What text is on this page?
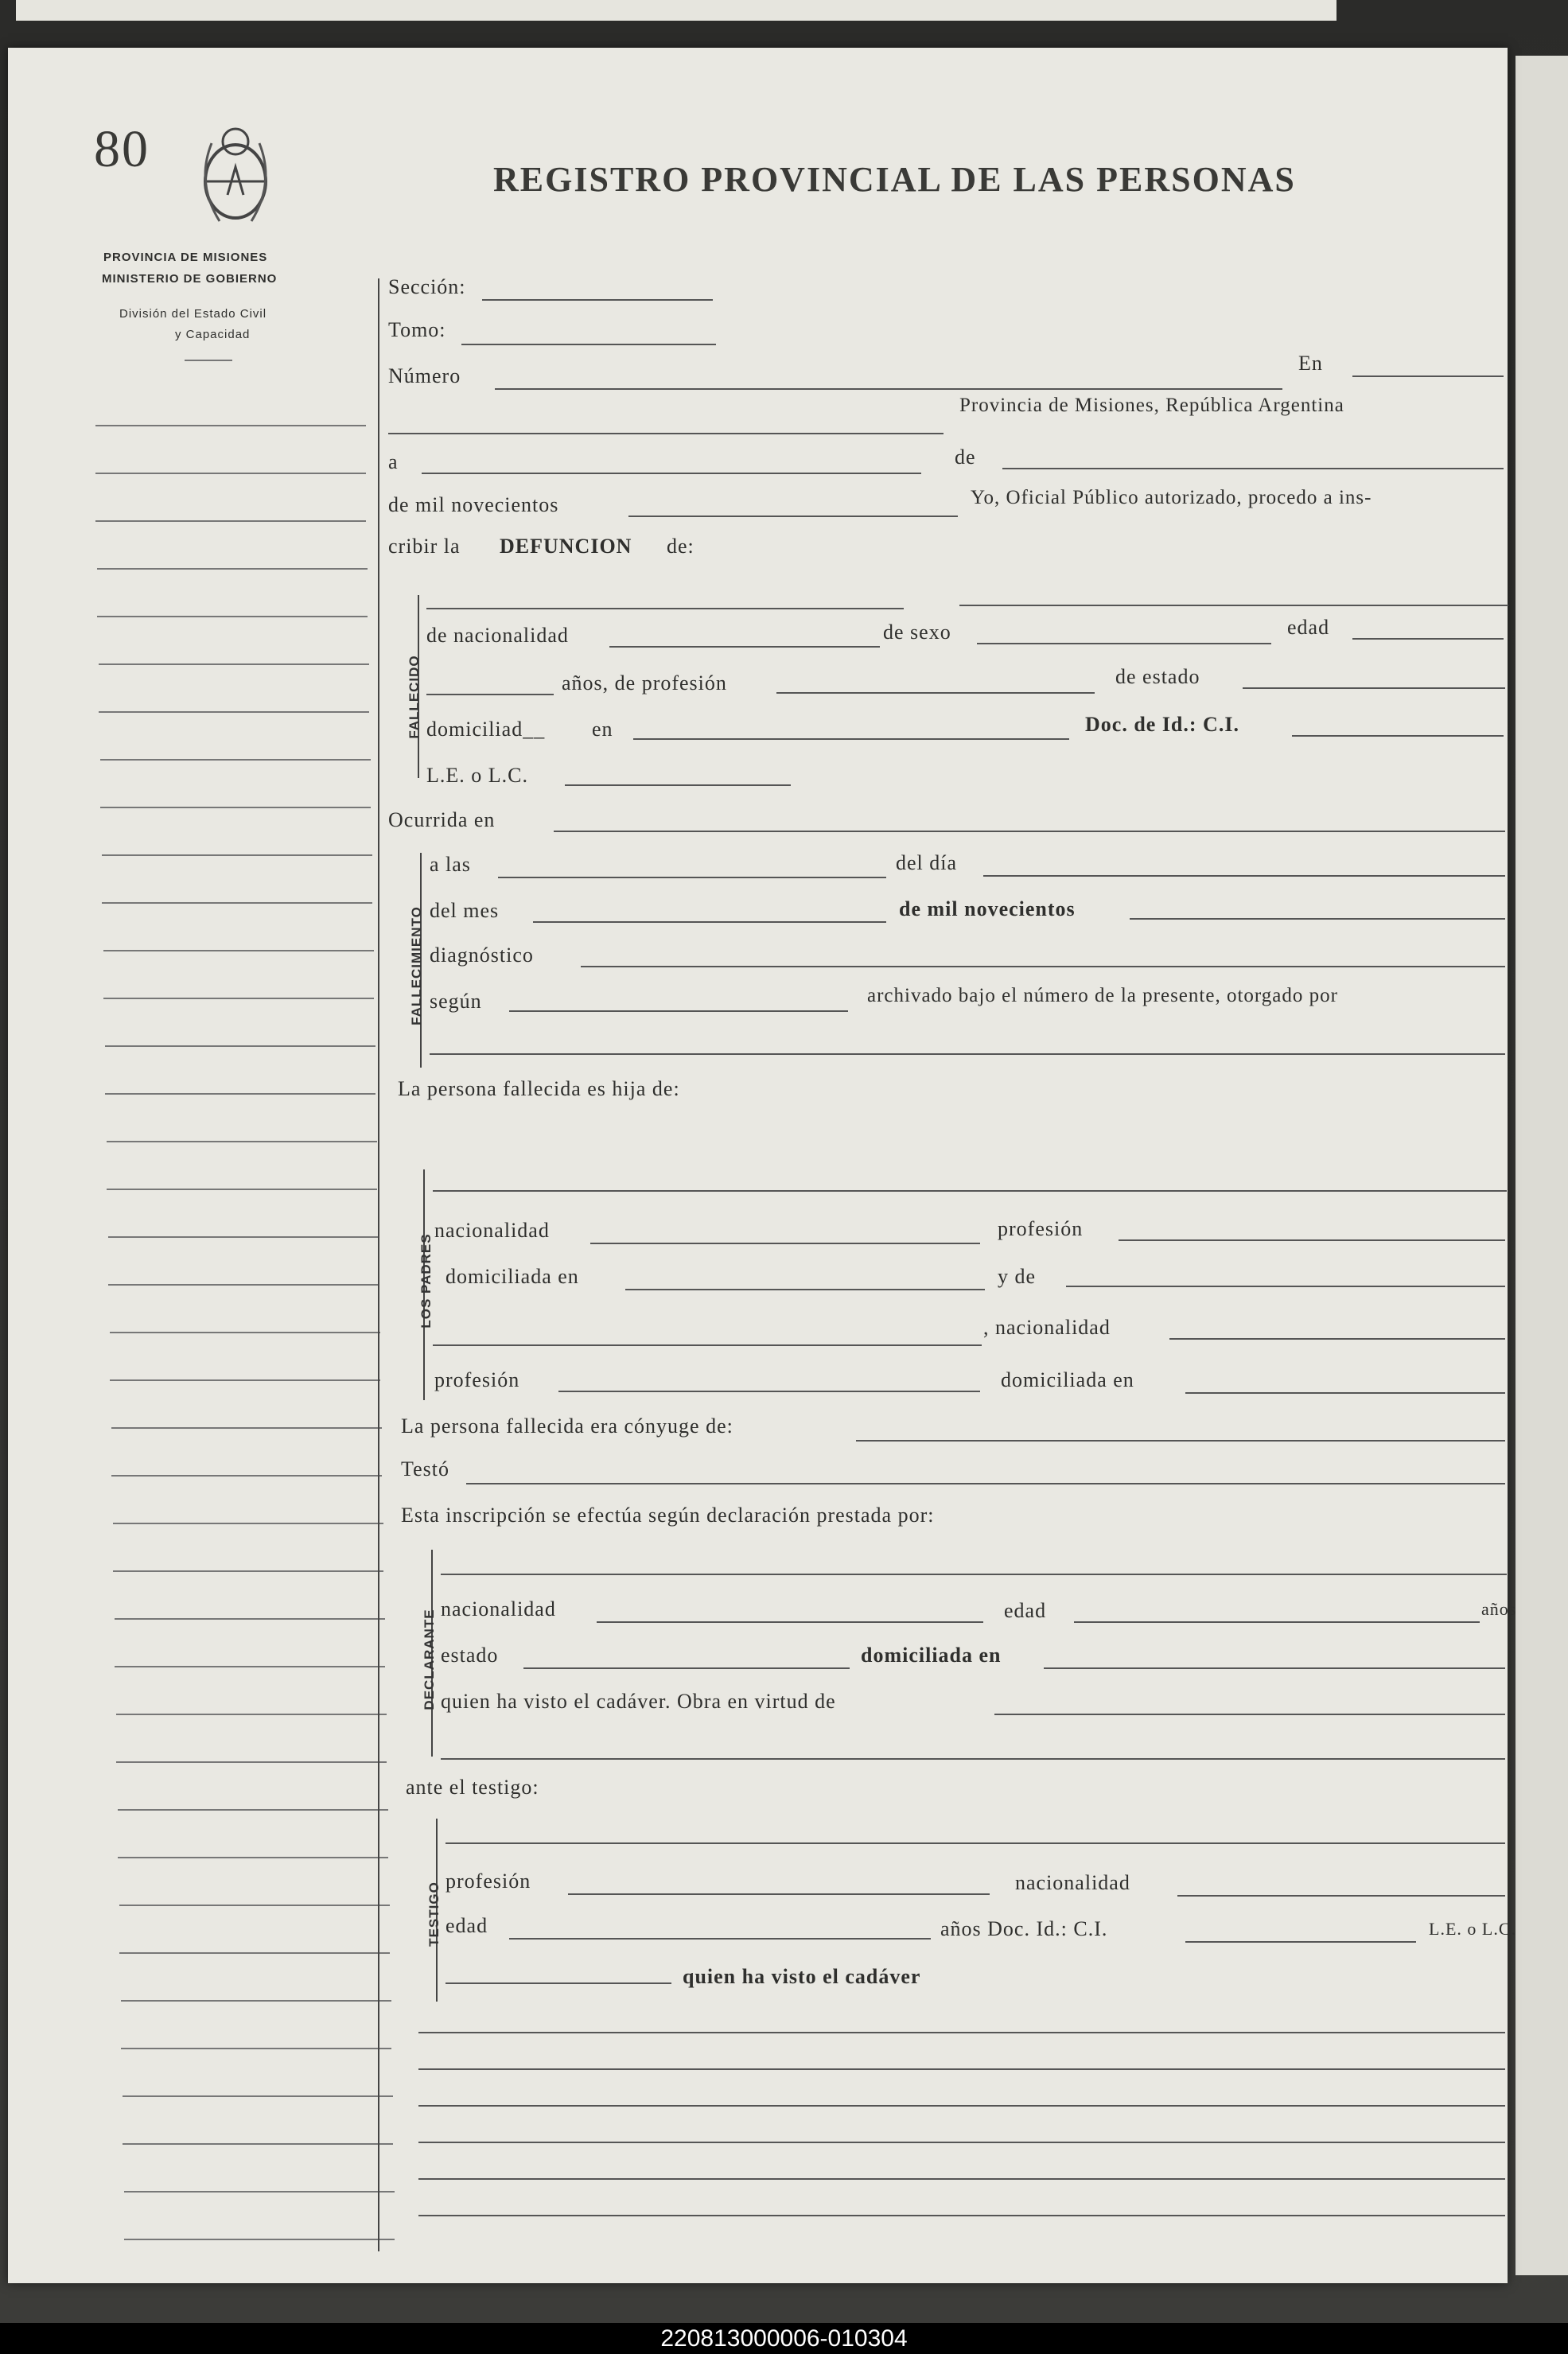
80
PROVINCIA DE MISIONES
MINISTERIO DE GOBIERNO
División del Estado Civil
y Capacidad
REGISTRO PROVINCIAL DE LAS PERSONAS
Sección:
Tomo:
Número
En
Provincia de Misiones, República Argentina
a	de
de mil novecientos	Yo, Oficial Público autorizado, procedo a ins-
cribir la DEFUNCION de:
FALLECIDO
de nacionalidad	de sexo	edad
años, de profesión	de estado
domiciliad__ en	Doc. de Id.: C.I.
L.E. o L.C.
Ocurrida en
FALLECIMIENTO
a las	del día
del mes	de mil novecientos
diagnóstico
según	archivado bajo el número de la presente, otorgado por
La persona fallecida es hija de:
LOS PADRES
nacionalidad	profesión
domiciliada en	y de
, nacionalidad
profesión	domiciliada en
La persona fallecida era cónyuge de:
Testó
Esta inscripción se efectúa según declaración prestada por:
DECLARANTE nacionalidad	edad	años
estado	domiciliada en
quien ha visto el cadáver. Obra en virtud de
ante el testigo:
TESTIGO
profesión	nacionalidad
edad	años Doc. Id.: C.I.	L.E. o L.C.
quien ha visto el cadáver
220813000006-010304
